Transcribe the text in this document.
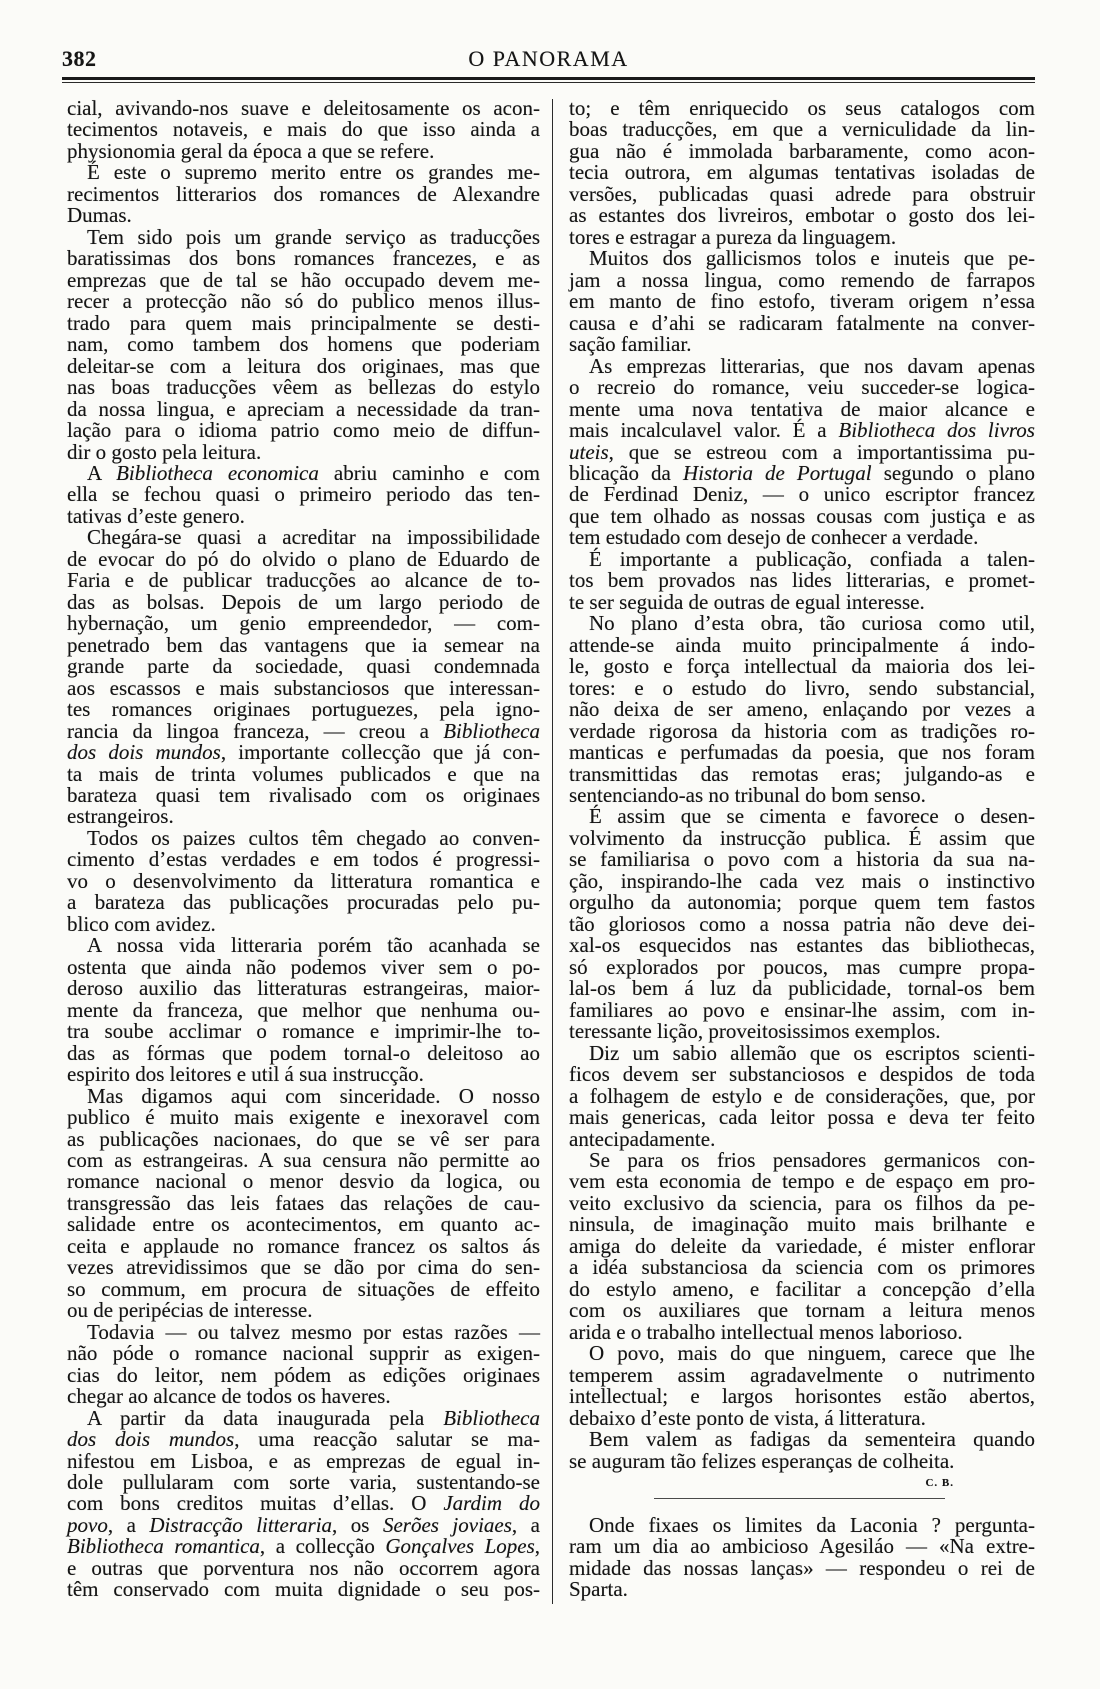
382	O PANORAMA
cial, avivando-nos suave e deleitosamente os acon-
tecimentos notaveis, e mais do que isso ainda a
physionomia geral da época a que se refere.
É este o supremo merito entre os grandes me-
recimentos litterarios dos romances de Alexandre
Dumas.
Tem sido pois um grande serviço as traducções
baratissimas dos bons romances francezes, e as
emprezas que de tal se hão occupado devem me-
recer a protecção não só do publico menos illus-
trado para quem mais principalmente se desti-
nam, como tambem dos homens que poderiam
deleitar-se com a leitura dos originaes, mas que
nas boas traducções vêem as bellezas do estylo
da nossa lingua, e apreciam a necessidade da tran-
lação para o idioma patrio como meio de diffun-
dir o gosto pela leitura.
A Bibliotheca economica abriu caminho e com
ella se fechou quasi o primeiro periodo das ten-
tativas d’este genero.
Chegára-se quasi a acreditar na impossibilidade
de evocar do pó do olvido o plano de Eduardo de
Faria e de publicar traducções ao alcance de to-
das as bolsas. Depois de um largo periodo de
hybernação, um genio empreendedor, — com-
penetrado bem das vantagens que ia semear na
grande parte da sociedade, quasi condemnada
aos escassos e mais substanciosos que interessan-
tes romances originaes portuguezes, pela igno-
rancia da lingoa franceza, — creou a Bibliotheca
dos dois mundos, importante collecção que já con-
ta mais de trinta volumes publicados e que na
barateza quasi tem rivalisado com os originaes
estrangeiros.
Todos os paizes cultos têm chegado ao conven-
cimento d’estas verdades e em todos é progressi-
vo o desenvolvimento da litteratura romantica e
a barateza das publicações procuradas pelo pu-
blico com avidez.
A nossa vida litteraria porém tão acanhada se
ostenta que ainda não podemos viver sem o po-
deroso auxilio das litteraturas estrangeiras, maior-
mente da franceza, que melhor que nenhuma ou-
tra soube acclimar o romance e imprimir-lhe to-
das as fórmas que podem tornal-o deleitoso ao
espirito dos leitores e util á sua instrucção.
Mas digamos aqui com sinceridade. O nosso
publico é muito mais exigente e inexoravel com
as publicações nacionaes, do que se vê ser para
com as estrangeiras. A sua censura não permitte ao
romance nacional o menor desvio da logica, ou
transgressão das leis fataes das relações de cau-
salidade entre os acontecimentos, em quanto ac-
ceita e applaude no romance francez os saltos ás
vezes atrevidissimos que se dão por cima do sen-
so commum, em procura de situações de effeito
ou de peripécias de interesse.
Todavia — ou talvez mesmo por estas razões —
não póde o romance nacional supprir as exigen-
cias do leitor, nem pódem as edições originaes
chegar ao alcance de todos os haveres.
A partir da data inaugurada pela Bibliotheca
dos dois mundos, uma reacção salutar se ma-
nifestou em Lisboa, e as emprezas de egual in-
dole pullularam com sorte varia, sustentando-se
com bons creditos muitas d’ellas. O Jardim do
povo, a Distracção litteraria, os Serões joviaes, a
Bibliotheca romantica, a collecção Gonçalves Lopes,
e outras que porventura nos não occorrem agora
têm conservado com muita dignidade o seu pos-
to; e têm enriquecido os seus catalogos com
boas traducções, em que a verniculidade da lin-
gua não é immolada barbaramente, como acon-
tecia outrora, em algumas tentativas isoladas de
versões, publicadas quasi adrede para obstruir
as estantes dos livreiros, embotar o gosto dos lei-
tores e estragar a pureza da linguagem.
Muitos dos gallicismos tolos e inuteis que pe-
jam a nossa lingua, como remendo de farrapos
em manto de fino estofo, tiveram origem n’essa
causa e d’ahi se radicaram fatalmente na conver-
sação familiar.
As emprezas litterarias, que nos davam apenas
o recreio do romance, veiu succeder-se logica-
mente uma nova tentativa de maior alcance e
mais incalculavel valor. É a Bibliotheca dos livros
uteis, que se estreou com a importantissima pu-
blicação da Historia de Portugal segundo o plano
de Ferdinad Deniz, — o unico escriptor francez
que tem olhado as nossas cousas com justiça e as
tem estudado com desejo de conhecer a verdade.
É importante a publicação, confiada a talen-
tos bem provados nas lides litterarias, e promet-
te ser seguida de outras de egual interesse.
No plano d’esta obra, tão curiosa como util,
attende-se ainda muito principalmente á indo-
le, gosto e força intellectual da maioria dos lei-
tores: e o estudo do livro, sendo substancial,
não deixa de ser ameno, enlaçando por vezes a
verdade rigorosa da historia com as tradições ro-
manticas e perfumadas da poesia, que nos foram
transmittidas das remotas eras; julgando-as e
sentenciando-as no tribunal do bom senso.
É assim que se cimenta e favorece o desen-
volvimento da instrucção publica. É assim que
se familiarisa o povo com a historia da sua na-
ção, inspirando-lhe cada vez mais o instinctivo
orgulho da autonomia; porque quem tem fastos
tão gloriosos como a nossa patria não deve dei-
xal-os esquecidos nas estantes das bibliothecas,
só explorados por poucos, mas cumpre propa-
lal-os bem á luz da publicidade, tornal-os bem
familiares ao povo e ensinar-lhe assim, com in-
teressante lição, proveitosissimos exemplos.
Diz um sabio allemão que os escriptos scienti-
ficos devem ser substanciosos e despidos de toda
a folhagem de estylo e de considerações, que, por
mais genericas, cada leitor possa e deva ter feito
antecipadamente.
Se para os frios pensadores germanicos con-
vem esta economia de tempo e de espaço em pro-
veito exclusivo da sciencia, para os filhos da pe-
ninsula, de imaginação muito mais brilhante e
amiga do deleite da variedade, é mister enflorar
a idéa substanciosa da sciencia com os primores
do estylo ameno, e facilitar a concepção d’ella
com os auxiliares que tornam a leitura menos
arida e o trabalho intellectual menos laborioso.
O povo, mais do que ninguem, carece que lhe
temperem assim agradavelmente o nutrimento
intellectual; e largos horisontes estão abertos,
debaixo d’este ponto de vista, á litteratura.
Bem valem as fadigas da sementeira quando
se auguram tão felizes esperanças de colheita.
C. B.
Onde fixaes os limites da Laconia ? pergunta-
ram um dia ao ambicioso Agesiláo — «Na extre-
midade das nossas lanças» — respondeu o rei de
Sparta.
